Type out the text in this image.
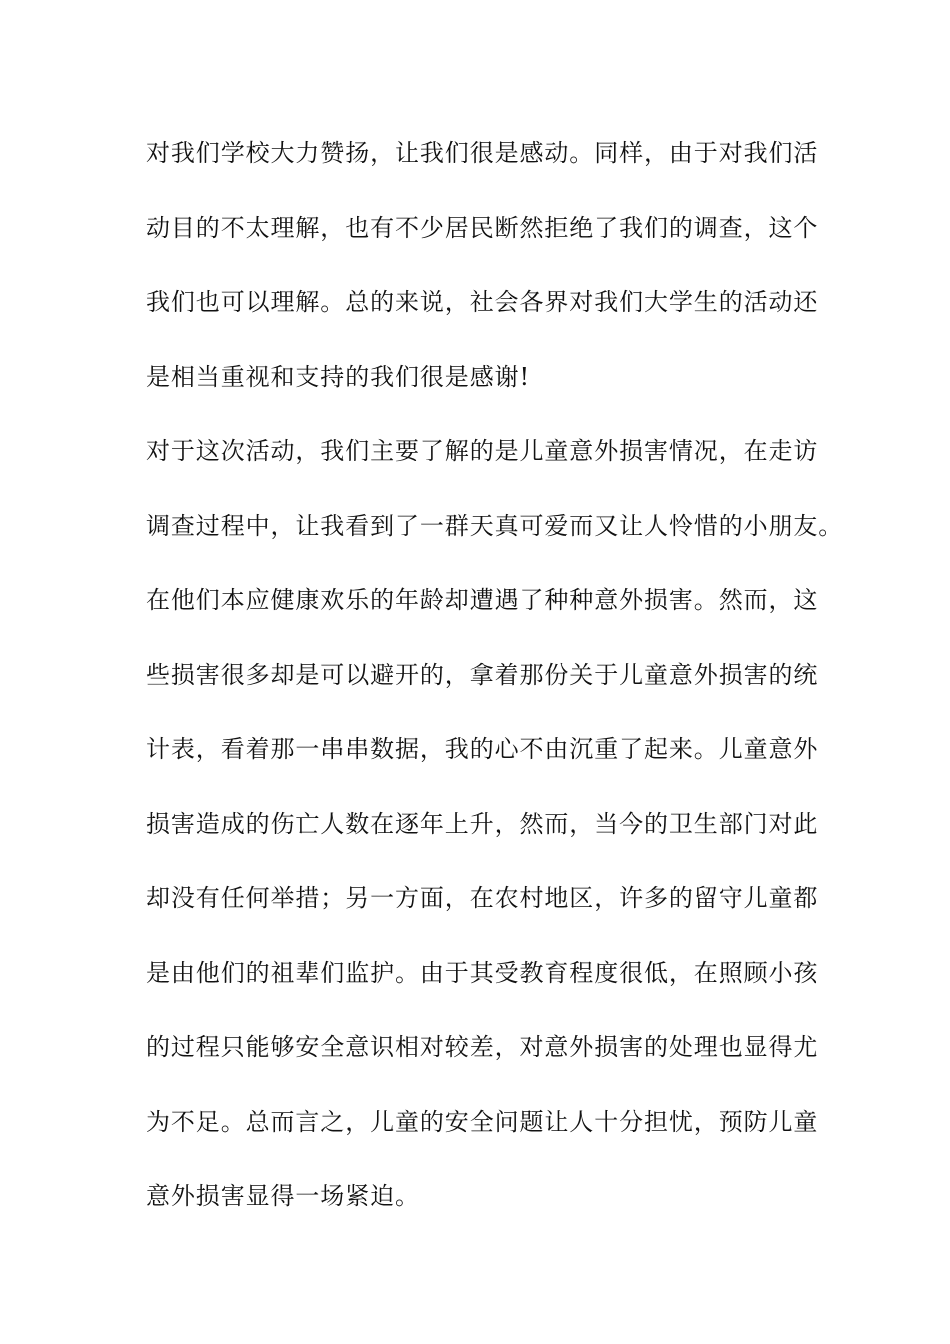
对我们学校大力赞扬，让我们很是感动。同样，由于对我们活
动目的不太理解，也有不少居民断然拒绝了我们的调查，这个
我们也可以理解。总的来说，社会各界对我们大学生的活动还
是相当重视和支持的我们很是感谢!
对于这次活动，我们主要了解的是儿童意外损害情况，在走访
调查过程中，让我看到了一群天真可爱而又让人怜惜的小朋友。
在他们本应健康欢乐的年龄却遭遇了种种意外损害。然而，这
些损害很多却是可以避开的，拿着那份关于儿童意外损害的统
计表，看着那一串串数据，我的心不由沉重了起来。儿童意外
损害造成的伤亡人数在逐年上升，然而，当今的卫生部门对此
却没有任何举措；另一方面，在农村地区，许多的留守儿童都
是由他们的祖辈们监护。由于其受教育程度很低，在照顾小孩
的过程只能够安全意识相对较差，对意外损害的处理也显得尤
为不足。总而言之，儿童的安全问题让人十分担忧，预防儿童
意外损害显得一场紧迫。
